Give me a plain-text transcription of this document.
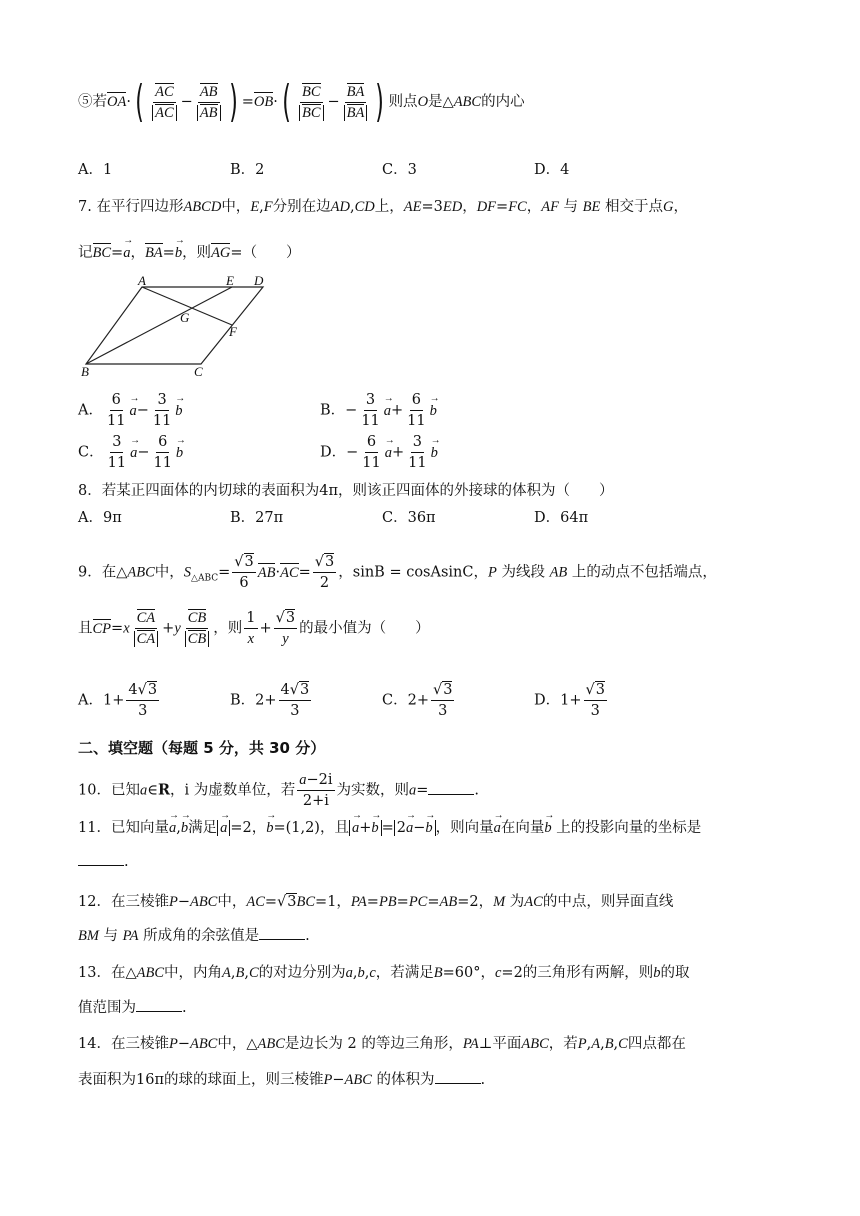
⑤若$OA\cdot( \frac{AC}{AC} - \frac{AB}{AB}$ ) $=OB\cdot( \frac{BC}{BC} - \frac{BA}{BA}$ ) 则点O是△ABC的内心
A．1	B．2	C．3	D．4
7. 在平行四边形ABCD中，E,F分别在边AD,CD上，AE=3ED，DF=FC，AF 与 BE 相交于点G，
记BC=→ a，BA=→ b，则AG=（　　）
A	E D
G
F
B	C
A． $\frac{6}{11}$
→ $a- \frac{3}{11}$
→ b	B．− $\frac{3}{11}$
→ $a+ \frac{6}{11}$
→ b
C． $\frac{3}{11}$
→ $a- \frac{6}{11}$
→ b	D．− $\frac{6}{11}$
→ $a+ \frac{3}{11}$
→ b
8．若某正四面体的内切球的表面积为4π，则该正四面体的外接球的体积为（　　）
A．9π	B．27π	C．36π	D．64π
9．在△ABC中，$S_{\triangle ABC}= \frac{√3}{6} AB\cdot AC= \frac{√3}{2}$ ，sinB = cosAsinC，P 为线段 AB 上的动点不包括端点，
且$CP=x \frac{CA}{CA} +y \frac{CB}{CB}$ ，则 $\frac{1}{x} + \frac{√3}{y}$ 的最小值为（　　）
A．$1+ \frac{4√3}{3}$	B．$2+ \frac{4√3}{3}$	C．$2+ \frac{√3}{3}$	D．$1+ \frac{√3}{3}$
二、填空题（每题 5 分，共 30 分）
10．已知a∈R，i 为虚数单位，若 $\frac{a-2i}{2+i}$ 为实数，则a=	.
11．已知向量→ a,→ b满足→ a =2，→ b=(1,2)，且→ a+→ b = 2→ a−→ b ，则向量→ a在向量→ b 上的投影向量的坐标是
.
12．在三棱锥P−ABC中，AC=√3BC=1，PA=PB=PC=AB=2，M 为AC的中点，则异面直线
BM 与 PA 所成角的余弦值是	.
13．在△ABC中，内角A,B,C的对边分别为a,b,c，若满足B=60°，c=2的三角形有两解，则b的取
值范围为	.
14．在三棱锥P−ABC中，△ABC是边长为 2 的等边三角形，PA⊥平面ABC，若P,A,B,C四点都在
表面积为16π的球的球面上，则三棱锥P−ABC 的体积为	.
